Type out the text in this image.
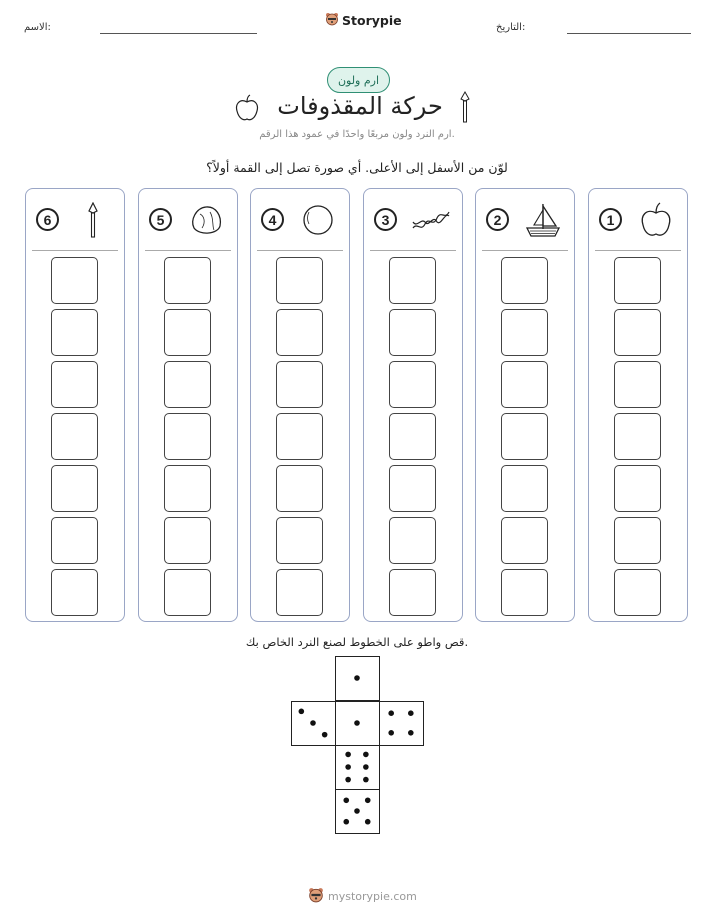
الاسم:	Storypie	التاريخ:
ارم ولون
حركة المقذوفات
ارم النرد ولون مربعًا واحدًا في عمود هذا الرقم.
لوّن من الأسفل إلى الأعلى. أي صورة تصل إلى القمة أولاً؟
1
2
3
4
5
6
قص واطو على الخطوط لصنع النرد الخاص بك.
mystorypie.com
